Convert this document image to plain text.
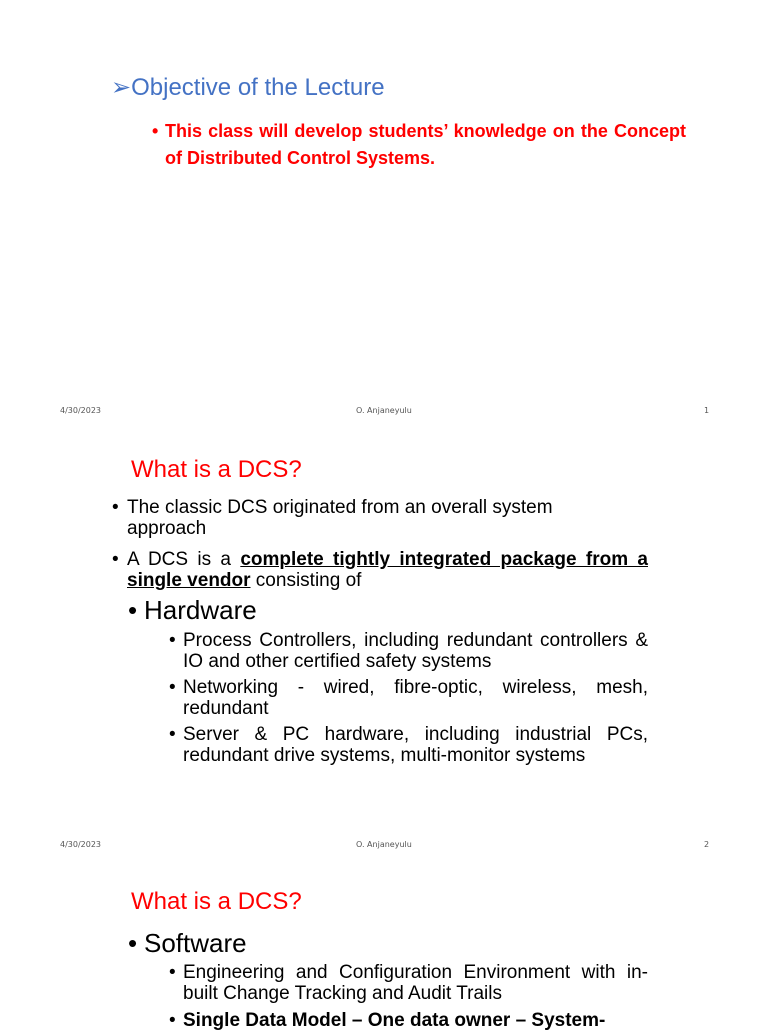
➢Objective of the Lecture
• This class will develop students’ knowledge on the Concept of Distributed Control Systems.
4/30/2023	O. Anjaneyulu	1
What is a DCS?
• The classic DCS originated from an overall system approach
• A DCS is a complete tightly integrated package from a single vendor consisting of
• Hardware
• Process Controllers, including redundant controllers & IO and other certified safety systems
• Networking - wired, fibre-optic, wireless, mesh, redundant
• Server & PC hardware, including industrial PCs, redundant drive systems, multi-monitor systems
4/30/2023	O. Anjaneyulu	2
What is a DCS?
• Software
• Engineering and Configuration Environment with in-built Change Tracking and Audit Trails
• Single Data Model – One data owner – System-
